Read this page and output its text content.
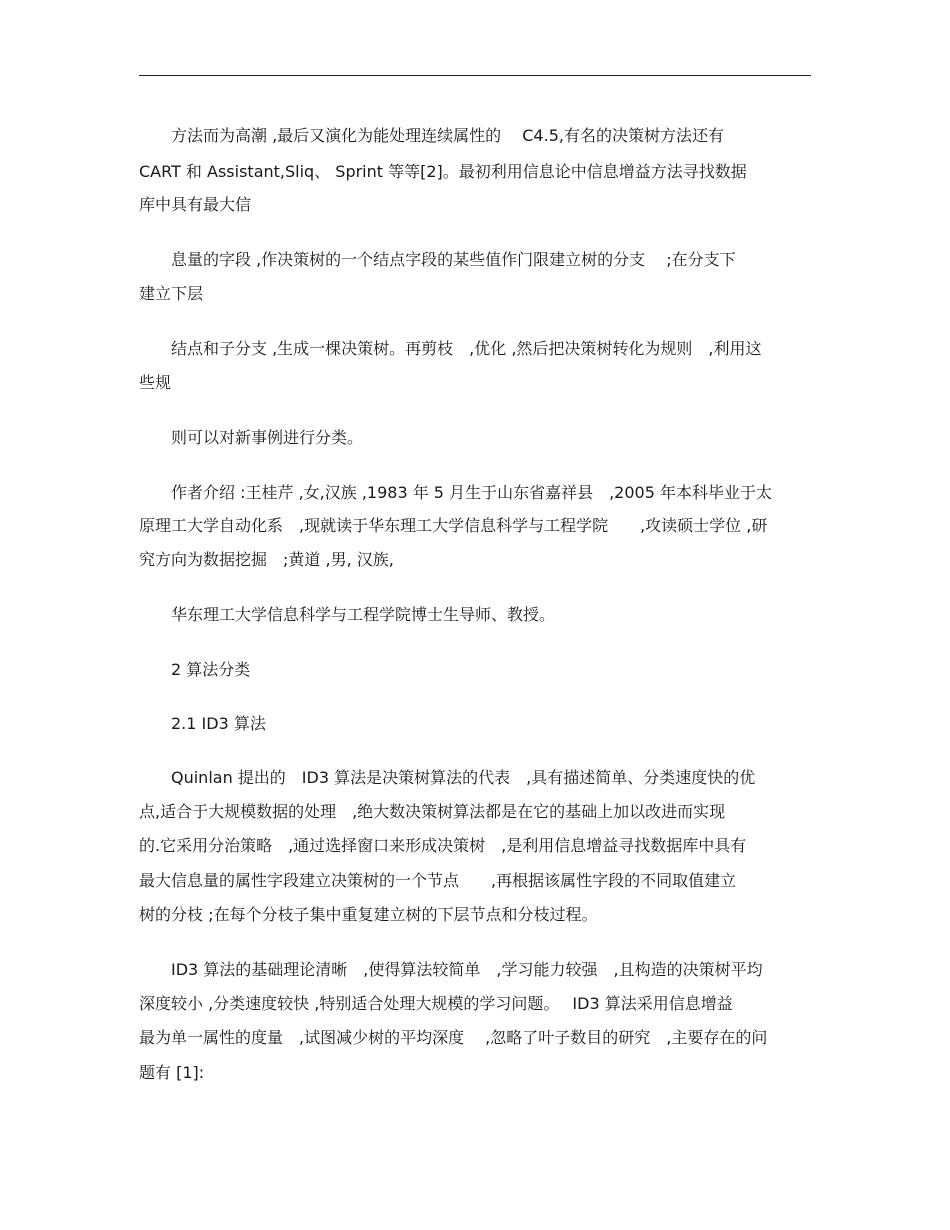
　　方法而为高潮 ,最后又演化为能处理连续属性的　 C4.5,有名的决策树方法还有
CART 和 Assistant,Sliq、 Sprint 等等[2]。最初利用信息论中信息增益方法寻找数据
库中具有最大信
　　息量的字段 ,作决策树的一个结点字段的某些值作门限建立树的分支　 ;在分支下
建立下层
　　结点和子分支 ,生成一棵决策树。再剪枝　,优化 ,然后把决策树转化为规则　,利用这
些规
　　则可以对新事例进行分类。
　　作者介绍 :王桂芹 ,女,汉族 ,1983 年 5 月生于山东省嘉祥县　,2005 年本科毕业于太
原理工大学自动化系　,现就读于华东理工大学信息科学与工程学院　　,攻读硕士学位 ,研
究方向为数据挖掘　;黄道 ,男, 汉族,
　　华东理工大学信息科学与工程学院博士生导师、教授。
　　2 算法分类
　　2.1 ID3 算法
　　Quinlan 提出的　ID3 算法是决策树算法的代表　,具有描述简单、分类速度快的优
点,适合于大规模数据的处理　,绝大数决策树算法都是在它的基础上加以改进而实现
的.它采用分治策略　,通过选择窗口来形成决策树　,是利用信息增益寻找数据库中具有
最大信息量的属性字段建立决策树的一个节点　　,再根据该属性字段的不同取值建立
树的分枝 ;在每个分枝子集中重复建立树的下层节点和分枝过程。
　　ID3 算法的基础理论清晰　,使得算法较简单　,学习能力较强　,且构造的决策树平均
深度较小 ,分类速度较快 ,特别适合处理大规模的学习问题。　 ID3 算法采用信息增益
最为单一属性的度量　,试图减少树的平均深度　 ,忽略了叶子数目的研究　,主要存在的问
题有 [1]:
